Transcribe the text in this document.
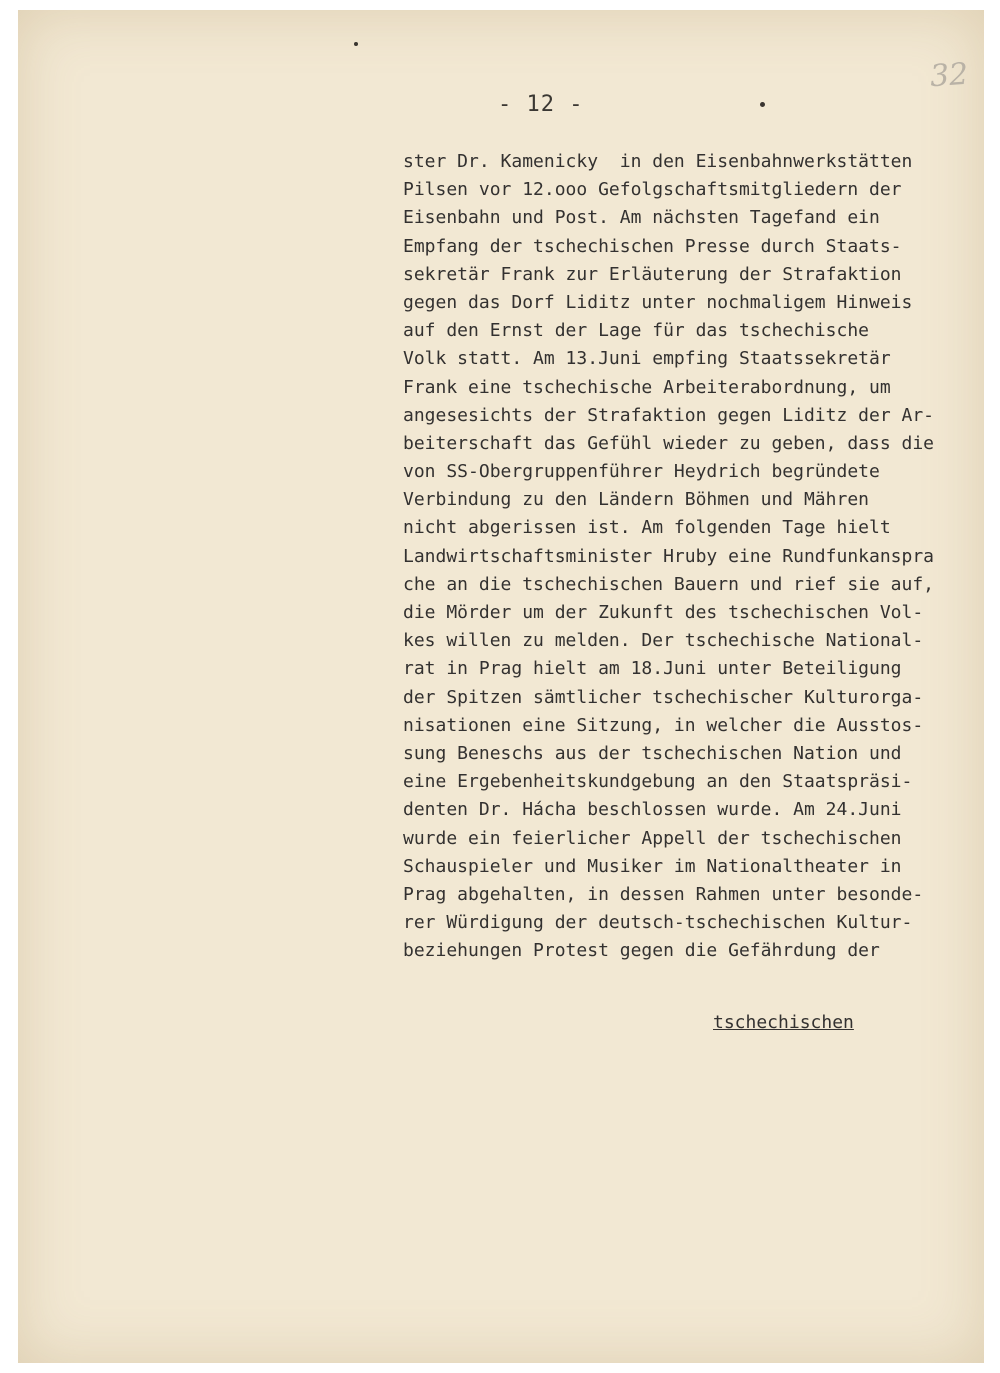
32
- 12 -
ster Dr. Kamenicky  in den Eisenbahnwerkstätten
Pilsen vor 12.ooo Gefolgschaftsmitgliedern der
Eisenbahn und Post. Am nächsten Tagefand ein
Empfang der tschechischen Presse durch Staats-
sekretär Frank zur Erläuterung der Strafaktion
gegen das Dorf Liditz unter nochmaligem Hinweis
auf den Ernst der Lage für das tschechische
Volk statt. Am 13.Juni empfing Staatssekretär
Frank eine tschechische Arbeiterabordnung, um
angesesichts der Strafaktion gegen Liditz der Ar-
beiterschaft das Gefühl wieder zu geben, dass die
von SS-Obergruppenführer Heydrich begründete
Verbindung zu den Ländern Böhmen und Mähren
nicht abgerissen ist. Am folgenden Tage hielt
Landwirtschaftsminister Hruby eine Rundfunkanspra
che an die tschechischen Bauern und rief sie auf,
die Mörder um der Zukunft des tschechischen Vol-
kes willen zu melden. Der tschechische National-
rat in Prag hielt am 18.Juni unter Beteiligung
der Spitzen sämtlicher tschechischer Kulturorga-
nisationen eine Sitzung, in welcher die Ausstos-
sung Beneschs aus der tschechischen Nation und
eine Ergebenheitskundgebung an den Staatspräsi-
denten Dr. Hácha beschlossen wurde. Am 24.Juni
wurde ein feierlicher Appell der tschechischen
Schauspieler und Musiker im Nationaltheater in
Prag abgehalten, in dessen Rahmen unter besonde-
rer Würdigung der deutsch-tschechischen Kultur-
beziehungen Protest gegen die Gefährdung der
tschechischen
